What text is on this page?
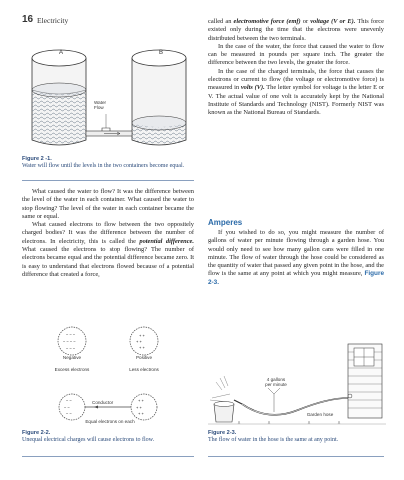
16 Electricity
A	B
Water
Flow
Figure 2 -1.
Water will flow until the levels in the two containers become equal.

What caused the water to flow? It was the difference between the level of the water in each container. What caused the water to stop flowing? The level of the water in each container became the same or equal.

What caused electrons to flow between the two oppositely charged bodies? It was the difference between the number of electrons. In electricity, this is called the potential difference. What caused the electrons to stop flowing? The number of electrons became equal and the potential difference became zero. It is easy to understand that electrons flowed because of a potential difference that created a force,

called an electromotive force (emf) or voltage (V or E). This force existed only during the time that the electrons were unevenly distributed between the two terminals.

In the case of the water, the force that caused the water to flow can be measured in pounds per square inch. The greater the difference between the two levels, the greater the force.

In the case of the charged terminals, the force that causes the electrons or current to flow (the voltage or electromotive force) is measured in volts (V). The letter symbol for voltage is the letter E or V. The actual value of one volt is accurately kept by the National Institute of Standards and Technology (NIST). Formerly NIST was known as the National Bureau of Standards.

Amperes

If you wished to do so, you might measure the number of gallons of water per minute flowing through a garden hose. You would only need to see how many gallon cans were filled in one minute. The flow of water through the hose could be considered as the quantity of water that passed any given point in the hose, and the flow is the same at any point at which you might measure, Figure 2-3.

− − −
− − − −
− − −
+ +
+ +
+ +
− −
− −
− −
+ +
+ +
+ +
Negative	Positive
Excess electrons	Less electrons
Conductor
Equal electrons on each
Figure 2-2.
Unequal electrical charges will cause electrons to flow.
4 gallons
per minute
Garden hose
Figure 2-3.
The flow of water in the hose is the same at any point.
